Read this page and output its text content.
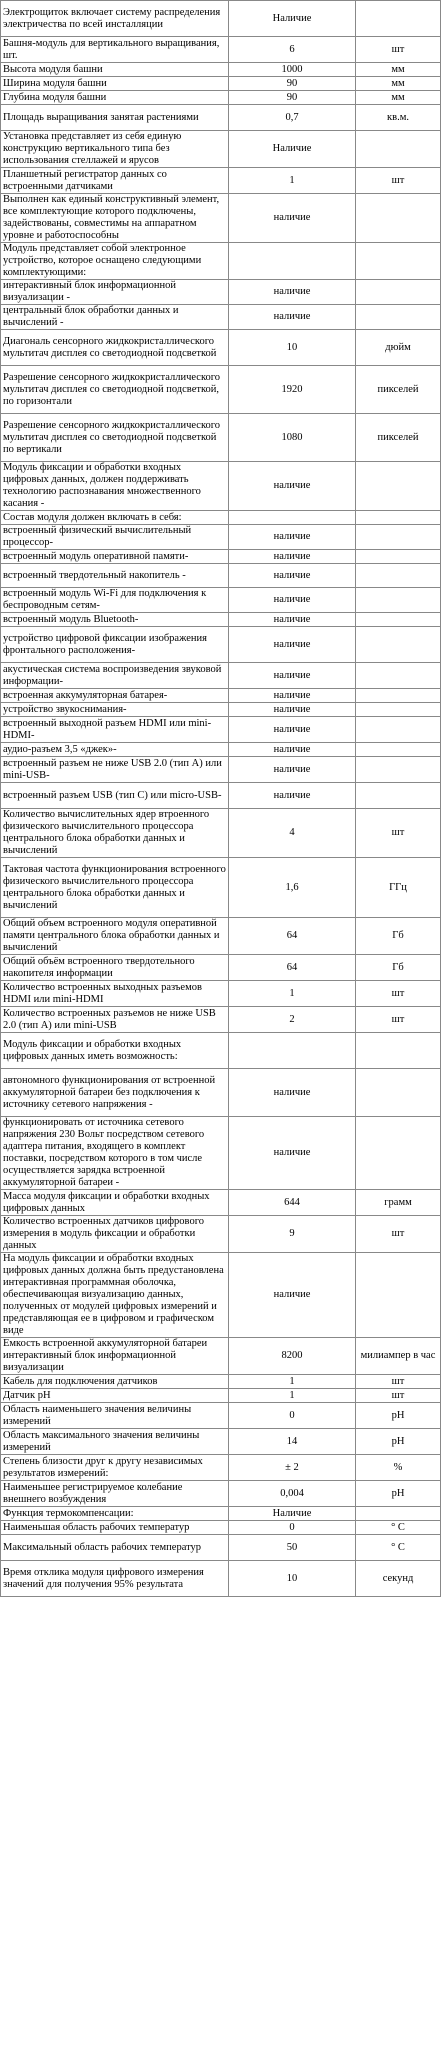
Электрощиток включает систему распределения электричества по всей инсталляции	Наличие	
Башня-модуль для вертикального выращивания, шт.	6	шт
Высота модуля башни	1000	мм
Ширина модуля башни	90	мм
Глубина модуля башни	90	мм
Площадь выращивания занятая растениями	0,7	кв.м.
Установка представляет из себя единую конструкцию вертикального типа без использования стеллажей и ярусов	Наличие	
Планшетный регистратор данных со встроенными датчиками	1	шт
Выполнен как единый конструктивный элемент, все комплектующие которого подключены, задействованы, совместимы на аппаратном уровне и работоспособны	наличие	
Модуль представляет собой электронное устройство, которое оснащено следующими комплектующими:		
интерактивный блок информационной визуализации -	наличие	
центральный блок обработки данных и вычислений -	наличие	
Диагональ сенсорного жидкокристаллического мультитач дисплея со светодиодной подсветкой	10	дюйм
Разрешение сенсорного жидкокристаллического мультитач дисплея со светодиодной подсветкой, по горизонтали	1920	пикселей
Разрешение сенсорного жидкокристаллического мультитач дисплея со светодиодной подсветкой по вертикали	1080	пикселей
Модуль фиксации и обработки входных цифровых данных, должен поддерживать технологию распознавания множественного касания -	наличие	
Состав модуля должен включать в себя:		
встроенный физический вычислительный процессор-	наличие	
встроенный модуль оперативной памяти-	наличие	
встроенный твердотельный накопитель -	наличие	
встроенный модуль Wi-Fi для подключения к беспроводным сетям-	наличие	
встроенный модуль Bluetooth-	наличие	
устройство цифровой фиксации изображения фронтального расположения-	наличие	
акустическая система воспроизведения звуковой информации-	наличие	
встроенная аккумуляторная батарея-	наличие	
устройство звукоснимания-	наличие	
встроенный выходной разъем HDMI или mini-HDMI-	наличие	
аудио-разъем 3,5 «джек»-	наличие	
встроенный разъем не ниже USB 2.0 (тип A) или mini-USB-	наличие	
встроенный разъем USB (тип С) или micro-USB-	наличие	
Количество вычислительных ядер втроенного физического вычислительного процессора центрального блока обработки данных и вычислений	4	шт
Тактовая частота функционирования встроенного физического вычислительного процессора центрального блока обработки данных и вычислений	1,6	ГГц
Общий объем встроенного модуля оперативной памяти центрального блока обработки данных и вычислений	64	Гб
Общий объём встроенного твердотельного накопителя информации	64	Гб
Количество встроенных выходных разъемов HDMI или mini-HDMI	1	шт
Количество встроенных разъемов не ниже USB 2.0 (тип A) или mini-USB	2	шт
Модуль фиксации и обработки входных цифровых данных иметь возможность:		
автономного функционирования от встроенной аккумуляторной батареи без подключения к источнику сетевого напряжения -	наличие	
функционировать от источника сетевого напряжения 230 Вольт посредством сетевого адаптера питания, входящего в комплект поставки, посредством которого в том числе осуществляется зарядка встроенной аккумуляторной батареи -	наличие	
Масса модуля фиксации и обработки входных цифровых данных	644	грамм
Количество встроенных датчиков цифрового измерения в модуль фиксации и обработки данных	9	шт
На модуль фиксации и обработки входных цифровых данных должна быть предустановлена интерактивная программная оболочка, обеспечивающая визуализацию данных, полученных от модулей цифровых измерений и представляющая ее в цифровом и графическом виде	наличие	
Емкость встроенной аккумуляторной батареи интерактивный блок информационной визуализации	8200	милиампер в час
Кабель для подключения датчиков	1	шт
Датчик pH	1	шт
Область наименьшего значения величины измерений	0	pH
Область максимального значения величины измерений	14	pH
Степень близости друг к другу независимых результатов измерений:	± 2	%
Наименьшее регистрируемое колебание внешнего возбуждения	0,004	pH
Функция термокомпенсации:	Наличие	
Наименьшая область рабочих температур	0	° C
Максимальный область рабочих температур	50	° C
Время отклика модуля цифрового измерения значений для получения 95% результата	10	секунд
